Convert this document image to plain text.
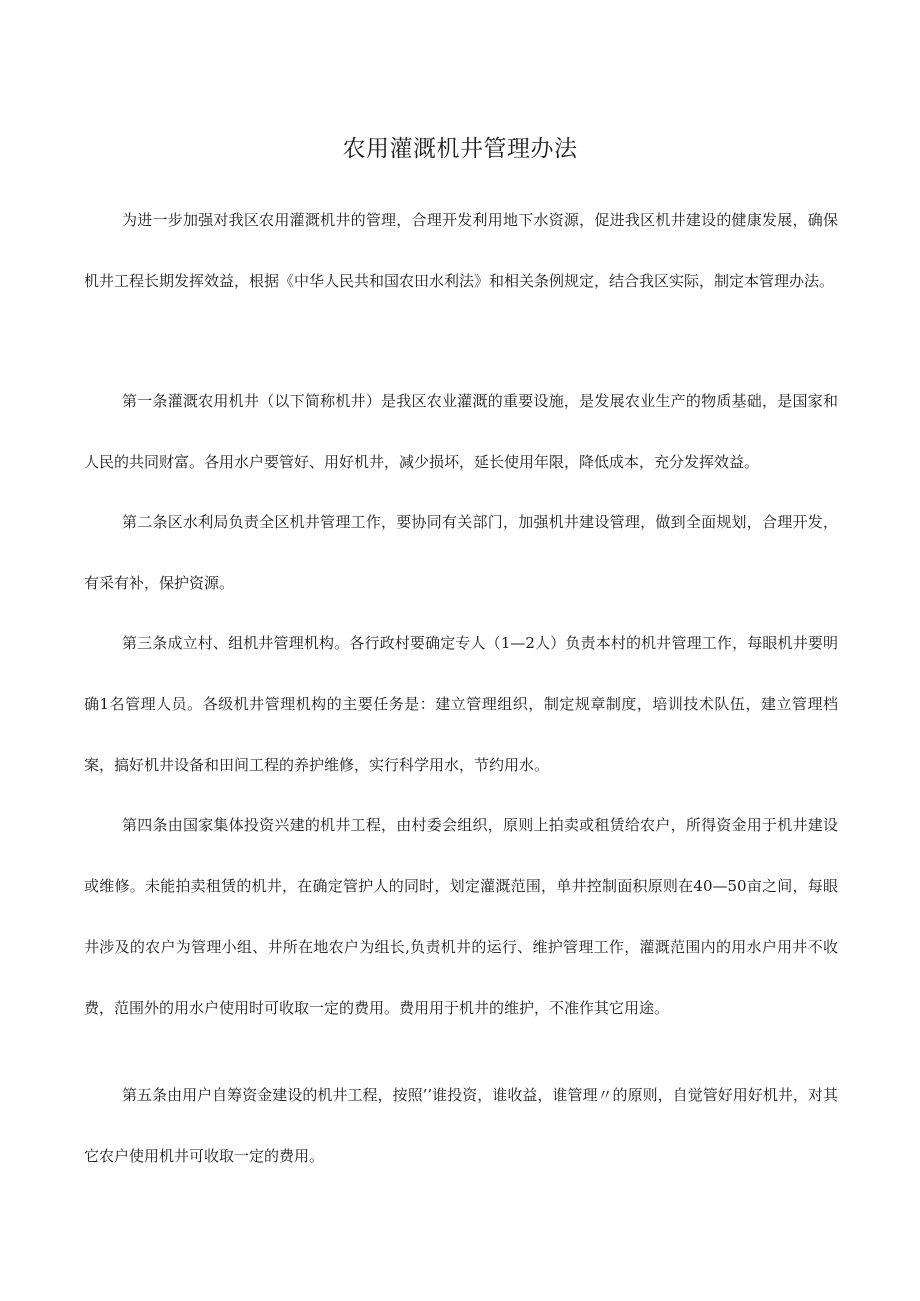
农用灌溉机井管理办法

为进一步加强对我区农用灌溉机井的管理，合理开发利用地下水资源，促进我区机井建设的健康发展，确保机井工程长期发挥效益，根据《中华人民共和国农田水利法》和相关条例规定，结合我区实际，制定本管理办法。

第一条灌溉农用机井（以下简称机井）是我区农业灌溉的重要设施，是发展农业生产的物质基础，是国家和人民的共同财富。各用水户要管好、用好机井，减少损坏，延长使用年限，降低成本，充分发挥效益。

第二条区水利局负责全区机井管理工作，要协同有关部门，加强机井建设管理，做到全面规划，合理开发，有采有补，保护资源。

第三条成立村、组机井管理机构。各行政村要确定专人（1—2人）负责本村的机井管理工作，每眼机井要明确1名管理人员。各级机井管理机构的主要任务是：建立管理组织，制定规章制度，培训技术队伍，建立管理档案，搞好机井设备和田间工程的养护维修，实行科学用水，节约用水。

第四条由国家集体投资兴建的机井工程，由村委会组织，原则上拍卖或租赁给农户，所得资金用于机井建设或维修。未能拍卖租赁的机井，在确定管护人的同时，划定灌溉范围，单井控制面积原则在40—50亩之间，每眼井涉及的农户为管理小组、井所在地农户为组长,负责机井的运行、维护管理工作，灌溉范围内的用水户用井不收费，范围外的用水户使用时可收取一定的费用。费用用于机井的维护，不准作其它用途。

第五条由用户自筹资金建设的机井工程，按照’’谁投资，谁收益，谁管理〃的原则，自觉管好用好机井，对其它农户使用机井可收取一定的费用。
